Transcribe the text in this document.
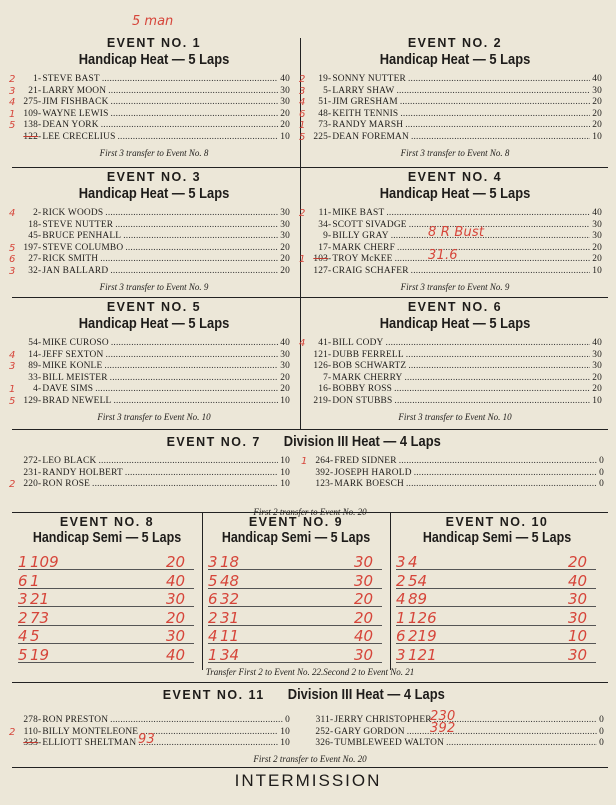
5 man
EVENT NO. 1
Handicap Heat — 5 Laps
2	1 - STEVE BAST .....	40
3	21 - LARRY MOON .....	30
4 275 - JIM FISHBACK .....	30
1 109 - WAYNE LEWIS .....	20
5 138 - DEAN YORK .....	20
122 - LEE CRECELIUS .....	10
First 3 transfer to Event No. 8
EVENT NO. 2
Handicap Heat — 5 Laps
2	19 - SONNY NUTTER .....	40
3	5 - LARRY SHAW .....	30
4	51 - JIM GRESHAM .....	20
6	48 - KEITH TENNIS .....	20
1	73 - RANDY MARSH .....	20
5 225 - DEAN FOREMAN .....	10
First 3 transfer to Event No. 8
EVENT NO. 3
Handicap Heat — 5 Laps
4	2 - RICK WOODS .....	30
18 - STEVE NUTTER .....	30
45 - BRUCE PENHALL .....	30
5 197 - STEVE COLUMBO .....	20
6	27 - RICK SMITH .....	20
3	32 - JAN BALLARD .....	20
First 3 transfer to Event No. 9
EVENT NO. 4
Handicap Heat — 5 Laps
2	11 - MIKE BAST .....	40
34 - SCOTT SIVADGE .....	30
9 - BILLY GRAY .....	30
8 R Bust
17 - MARK CHERF .....	20
1 103 - TROY McKEE .....	20
31.6
127 - CRAIG SCHAFER .....	10
First 3 transfer to Event No. 9
EVENT NO. 5
Handicap Heat — 5 Laps
54 - MIKE CUROSO .....	40
4	14 - JEFF SEXTON .....	30
3	89 - MIKE KONLE .....	30
33 - BILL MEISTER .....	20
1	4 - DAVE SIMS .....	20
5 129 - BRAD NEWELL .....	10
First 3 transfer to Event No. 10
EVENT NO. 6
Handicap Heat — 5 Laps
4	41 - BILL CODY .....	40
121 - DUBB FERRELL .....	30
126 - BOB SCHWARTZ .....	30
7 - MARK CHERRY .....	20
16 - BOBBY ROSS .....	20
219 - DON STUBBS .....	10
First 3 transfer to Event No. 10
EVENT NO. 7 Division III Heat — 4 Laps
272 - LEO BLACK .....	10
231 - RANDY HOLBERT .....	10
2 220 - RON ROSE .....	10
1 264 - FRED SIDNER .....	0
392 - JOSEPH HAROLD .....	0
123 - MARK BOESCH .....	0
First 2 transfer to Event No. 20
EVENT NO. 8
Handicap Semi — 5 Laps
EVENT NO. 9
Handicap Semi — 5 Laps
EVENT NO. 10
Handicap Semi — 5 Laps
1 109	20
6 1	40
3 21	30
2 73	20
4 5	30
5 19	40
3 18	30
5 48	30
6 32	20
2 31	20
4 11	40
1 34	30
3 4	20
2 54	40
4 89	30
1 126	30
6 219	10
3 121	30
Transfer First 2 to Event No. 22.Second 2 to Event No. 21
EVENT NO. 11 Division III Heat — 4 Laps
278 - RON PRESTON .....	0
2 110 - BILLY MONTELEONE .....	10
333 - ELLIOTT SHELTMAN .....	10
93
311 - JERRY CHRISTOPHER .....	0
230
252 - GARY GORDON .....	0
392
326 - TUMBLEWEED WALTON .....	0
First 2 transfer to Event No. 20
INTERMISSION
